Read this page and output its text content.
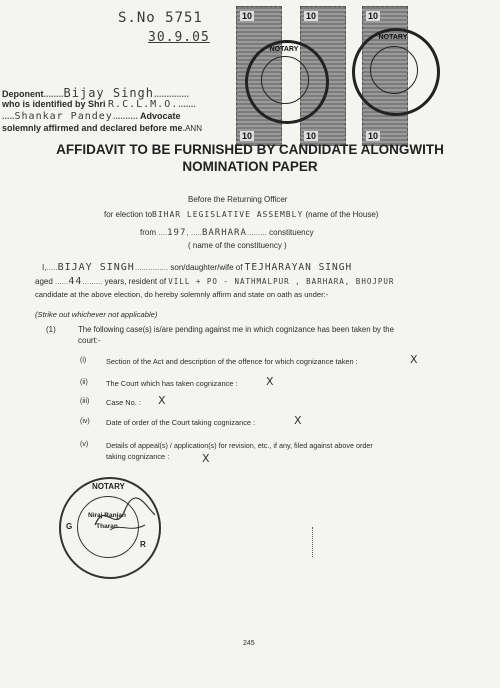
S.No 5751
30.9.05
10
10
10
10
10
10
NOTARY
NOTARY
Deponent........Bijay Singh..............
who is identified by Shri R.C.L.M.O........
.....Shankar Pandey.......... Advocate
solemnly affirmed and declared before me.ANN
AFFIDAVIT TO BE FURNISHED BY CANDIDATE ALONGWITH
NOMINATION PAPER
Before the Returning Officer
for election toBIHAR LEGISLATIVE ASSEMBLY (name of the House)
from ....197, .....BARHARA......... constituency
( name of the constituency )
I,.....BIJAY SINGH............... son/daughter/wife of TEJHARAYAN SINGH
aged ......44......... years, resident of VILL + PO - NATHMALPUR , BARHARA, BHOJPUR
candidate at the above election, do hereby solemnly affirm and state on oath as under:-
(Strike out whichever not applicable)
(1)	The following case(s) is/are pending against me in which cognizance has been taken by the
court:-
(i)	Section of the Act and description of the offence for which cognizance taken :	X
(ii) The Court which has taken cognizance :	X
(iii) Case No. : X
(iv) Date of order of the Court taking cognizance :	X
(v) Details of appeal(s) / application(s) for revision, etc., if any, filed against above order
taking cognizance :	X
NOTARY
G
R
Niraj Ranjan
Tharan
245
